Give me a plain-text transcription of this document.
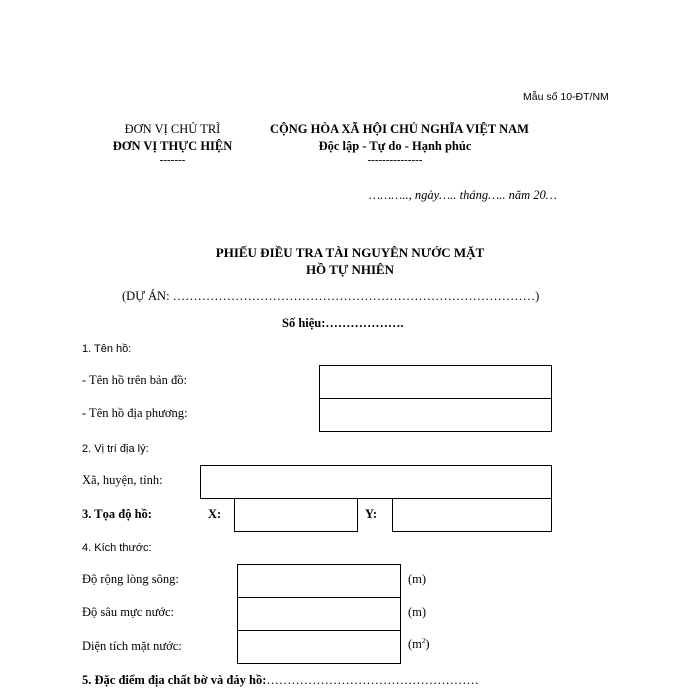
Mẫu số 10-ĐT/NM
ĐƠN VỊ CHỦ TRÌ
ĐƠN VỊ THỰC HIỆN
-------
CỘNG HÒA XÃ HỘI CHỦ NGHĨA VIỆT NAM
Độc lập - Tự do - Hạnh phúc
---------------
……….., ngày….. tháng….. năm 20…
PHIẾU ĐIỀU TRA TÀI NGUYÊN NƯỚC MẶT
HỒ TỰ NHIÊN
(DỰ ÁN: ……………………………………………………………………………)
Số hiệu:……………….
1. Tên hồ:
- Tên hồ trên bản đồ:
- Tên hồ địa phương:
2. Vị trí địa lý:
Xã, huyện, tỉnh:
3. Tọa độ hồ:	X:	Y:
4. Kích thước:
Độ rộng lòng sông:	(m)
Độ sâu mực nước:	(m)
Diện tích mặt nước:	$(m^2)$
5. Đặc điểm địa chất bờ và đáy hồ:……………………………………………
